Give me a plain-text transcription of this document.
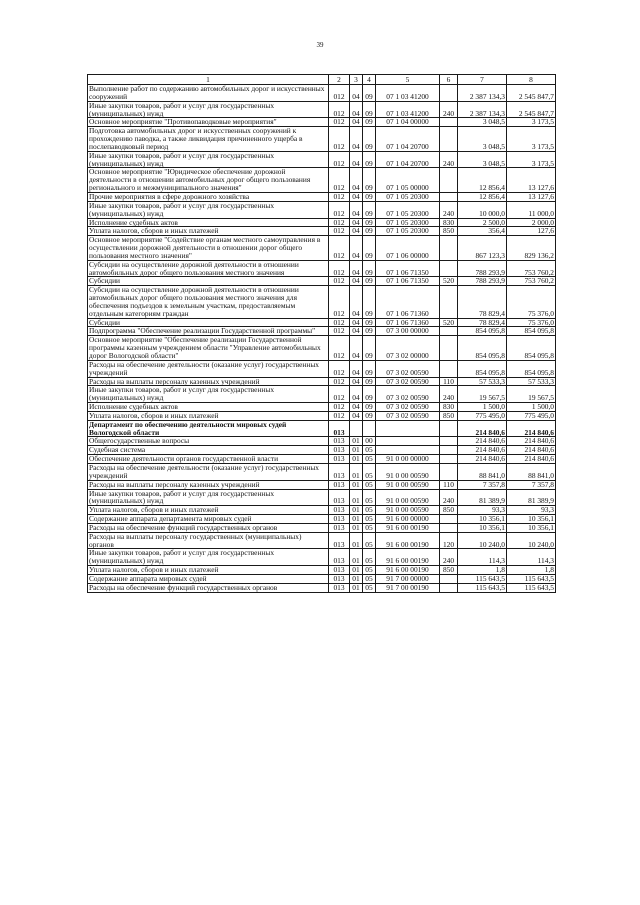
39
1	2	3	4	5	6	7	8
Выполнение работ по содержанию автомобильных дорог и искусственных сооружений	012	04	09	07 1 03 41200		2 387 134,3	2 545 847,7
Иные закупки товаров, работ и услуг для государственных (муниципальных) нужд	012	04	09	07 1 03 41200	240	2 387 134,3	2 545 847,7
Основное мероприятие "Противопаводковые мероприятия"	012	04	09	07 1 04 00000		3 048,5	3 173,5
Подготовка автомобильных дорог и искусственных сооружений к прохождению паводка, а также ликвидация причиненного ущерба в послепаводковый период	012	04	09	07 1 04 20700		3 048,5	3 173,5
Иные закупки товаров, работ и услуг для государственных (муниципальных) нужд	012	04	09	07 1 04 20700	240	3 048,5	3 173,5
Основное мероприятие "Юридическое обеспечение дорожной деятельности в отношении автомобильных дорог общего пользования регионального и межмуниципального значения"	012	04	09	07 1 05 00000		12 856,4	13 127,6
Прочие мероприятия в сфере дорожного хозяйства	012	04	09	07 1 05 20300		12 856,4	13 127,6
Иные закупки товаров, работ и услуг для государственных (муниципальных) нужд	012	04	09	07 1 05 20300	240	10 000,0	11 000,0
Исполнение судебных актов	012	04	09	07 1 05 20300	830	2 500,0	2 000,0
Уплата налогов, сборов и иных платежей	012	04	09	07 1 05 20300	850	356,4	127,6
Основное мероприятие "Содействие органам местного самоуправления в осуществлении дорожной деятельности в отношении дорог общего пользования местного значения"	012	04	09	07 1 06 00000		867 123,3	829 136,2
Субсидии на осуществление дорожной деятельности в отношении автомобильных дорог общего пользования местного значения	012	04	09	07 1 06 71350		788 293,9	753 760,2
Субсидии	012	04	09	07 1 06 71350	520	788 293,9	753 760,2
Субсидии на осуществление дорожной деятельности в отношении автомобильных дорог общего пользования местного значения для обеспечения подъездов к земельным участкам, предоставляемым отдельным категориям граждан	012	04	09	07 1 06 71360		78 829,4	75 376,0
Субсидии	012	04	09	07 1 06 71360	520	78 829,4	75 376,0
Подпрограмма "Обеспечение реализации Государственной программы"	012	04	09	07 3 00 00000		854 095,8	854 095,8
Основное мероприятие "Обеспечение реализации Государственной программы казенным учреждением области "Управление автомобильных дорог Вологодской области"	012	04	09	07 3 02 00000		854 095,8	854 095,8
Расходы на обеспечение деятельности (оказание услуг) государственных учреждений	012	04	09	07 3 02 00590		854 095,8	854 095,8
Расходы на выплаты персоналу казенных учреждений	012	04	09	07 3 02 00590	110	57 533,3	57 533,3
Иные закупки товаров, работ и услуг для государственных (муниципальных) нужд	012	04	09	07 3 02 00590	240	19 567,5	19 567,5
Исполнение судебных актов	012	04	09	07 3 02 00590	830	1 500,0	1 500,0
Уплата налогов, сборов и иных платежей	012	04	09	07 3 02 00590	850	775 495,0	775 495,0
Департамент по обеспечению деятельности мировых судей Вологодской области	013					214 840,6	214 840,6
Общегосударственные вопросы	013	01	00			214 840,6	214 840,6
Судебная система	013	01	05			214 840,6	214 840,6
Обеспечение деятельности органов государственной власти	013	01	05	91 0 00 00000		214 840,6	214 840,6
Расходы на обеспечение деятельности (оказание услуг) государственных учреждений	013	01	05	91 0 00 00590		88 841,0	88 841,0
Расходы на выплаты персоналу казенных учреждений	013	01	05	91 0 00 00590	110	7 357,8	7 357,8
Иные закупки товаров, работ и услуг для государственных (муниципальных) нужд	013	01	05	91 0 00 00590	240	81 389,9	81 389,9
Уплата налогов, сборов и иных платежей	013	01	05	91 0 00 00590	850	93,3	93,3
Содержание аппарата департамента мировых судей	013	01	05	91 6 00 00000		10 356,1	10 356,1
Расходы на обеспечение функций государственных органов	013	01	05	91 6 00 00190		10 356,1	10 356,1
Расходы на выплаты персоналу государственных (муниципальных) органов	013	01	05	91 6 00 00190	120	10 240,0	10 240,0
Иные закупки товаров, работ и услуг для государственных (муниципальных) нужд	013	01	05	91 6 00 00190	240	114,3	114,3
Уплата налогов, сборов и иных платежей	013	01	05	91 6 00 00190	850	1,8	1,8
Содержание аппарата мировых судей	013	01	05	91 7 00 00000		115 643,5	115 643,5
Расходы на обеспечение функций государственных органов	013	01	05	91 7 00 00190		115 643,5	115 643,5
